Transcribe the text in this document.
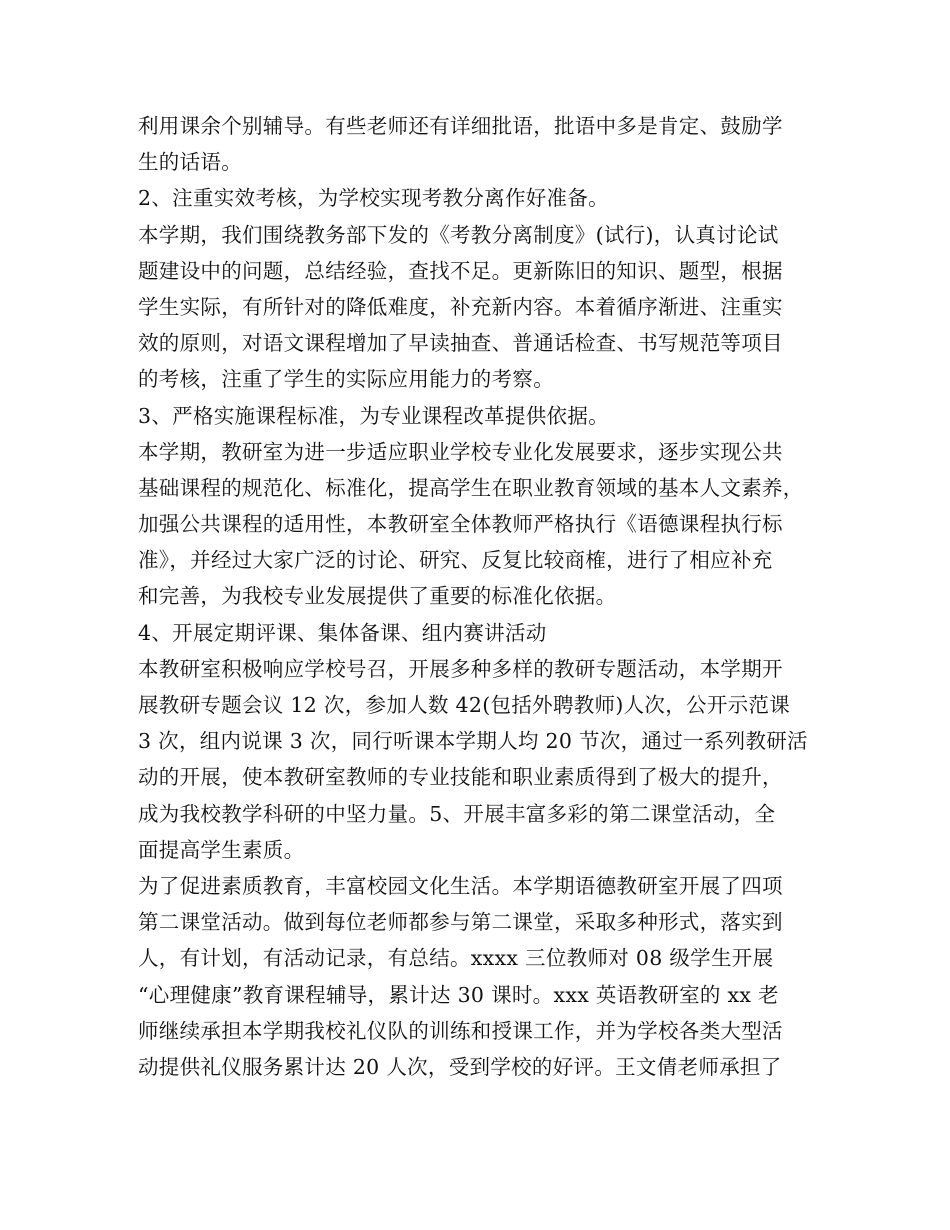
利用课余个别辅导。有些老师还有详细批语，批语中多是肯定、鼓励学
生的话语。
2、注重实效考核，为学校实现考教分离作好准备。
本学期，我们围绕教务部下发的《考教分离制度》(试行)，认真讨论试
题建设中的问题，总结经验，查找不足。更新陈旧的知识、题型，根据
学生实际，有所针对的降低难度，补充新内容。本着循序渐进、注重实
效的原则，对语文课程增加了早读抽查、普通话检查、书写规范等项目
的考核，注重了学生的实际应用能力的考察。
3、严格实施课程标准，为专业课程改革提供依据。
本学期，教研室为进一步适应职业学校专业化发展要求，逐步实现公共
基础课程的规范化、标准化，提高学生在职业教育领域的基本人文素养，
加强公共课程的适用性，本教研室全体教师严格执行《语德课程执行标
准》，并经过大家广泛的讨论、研究、反复比较商榷，进行了相应补充
和完善，为我校专业发展提供了重要的标准化依据。
4、开展定期评课、集体备课、组内赛讲活动
本教研室积极响应学校号召，开展多种多样的教研专题活动，本学期开
展教研专题会议 12 次，参加人数 42(包括外聘教师)人次，公开示范课
3 次，组内说课 3 次，同行听课本学期人均 20 节次，通过一系列教研活
动的开展，使本教研室教师的专业技能和职业素质得到了极大的提升，
成为我校教学科研的中坚力量。5、开展丰富多彩的第二课堂活动，全
面提高学生素质。
为了促进素质教育，丰富校园文化生活。本学期语德教研室开展了四项
第二课堂活动。做到每位老师都参与第二课堂，采取多种形式，落实到
人，有计划，有活动记录，有总结。xxxx 三位教师对 08 级学生开展
“心理健康”教育课程辅导，累计达 30 课时。xxx 英语教研室的 xx 老
师继续承担本学期我校礼仪队的训练和授课工作，并为学校各类大型活
动提供礼仪服务累计达 20 人次，受到学校的好评。王文倩老师承担了
